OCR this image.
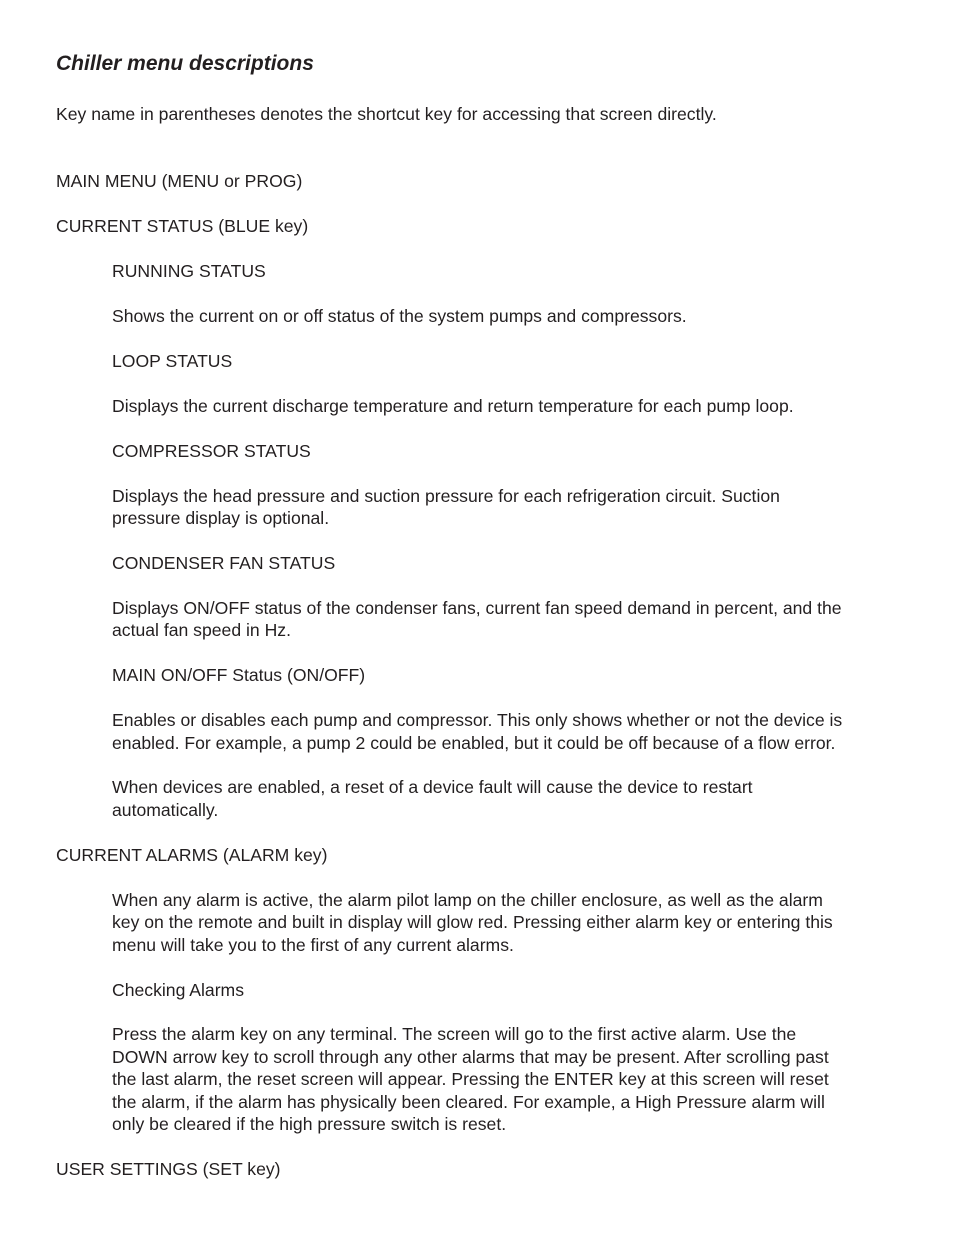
Chiller menu descriptions
Key name in parentheses denotes the shortcut key for accessing that screen directly.
MAIN MENU (MENU or PROG)
CURRENT STATUS (BLUE key)
RUNNING STATUS
Shows the current on or off status of the system pumps and compressors.
LOOP STATUS
Displays the current discharge temperature and return temperature for each pump loop.
COMPRESSOR STATUS
Displays the head pressure and suction pressure for each refrigeration circuit. Suction
pressure display is optional.
CONDENSER FAN STATUS
Displays ON/OFF status of the condenser fans, current fan speed demand in percent, and the
actual fan speed in Hz.
MAIN ON/OFF Status (ON/OFF)
Enables or disables each pump and compressor. This only shows whether or not the device is
enabled. For example, a pump 2 could be enabled, but it could be off because of a flow error.
When devices are enabled, a reset of a device fault will cause the device to restart
automatically.
CURRENT ALARMS (ALARM key)
When any alarm is active, the alarm pilot lamp on the chiller enclosure, as well as the alarm
key on the remote and built in display will glow red. Pressing either alarm key or entering this
menu will take you to the first of any current alarms.
Checking Alarms
Press the alarm key on any terminal. The screen will go to the first active alarm. Use the
DOWN arrow key to scroll through any other alarms that may be present. After scrolling past
the last alarm, the reset screen will appear. Pressing the ENTER key at this screen will reset
the alarm, if the alarm has physically been cleared. For example, a High Pressure alarm will
only be cleared if the high pressure switch is reset.
USER SETTINGS (SET key)
